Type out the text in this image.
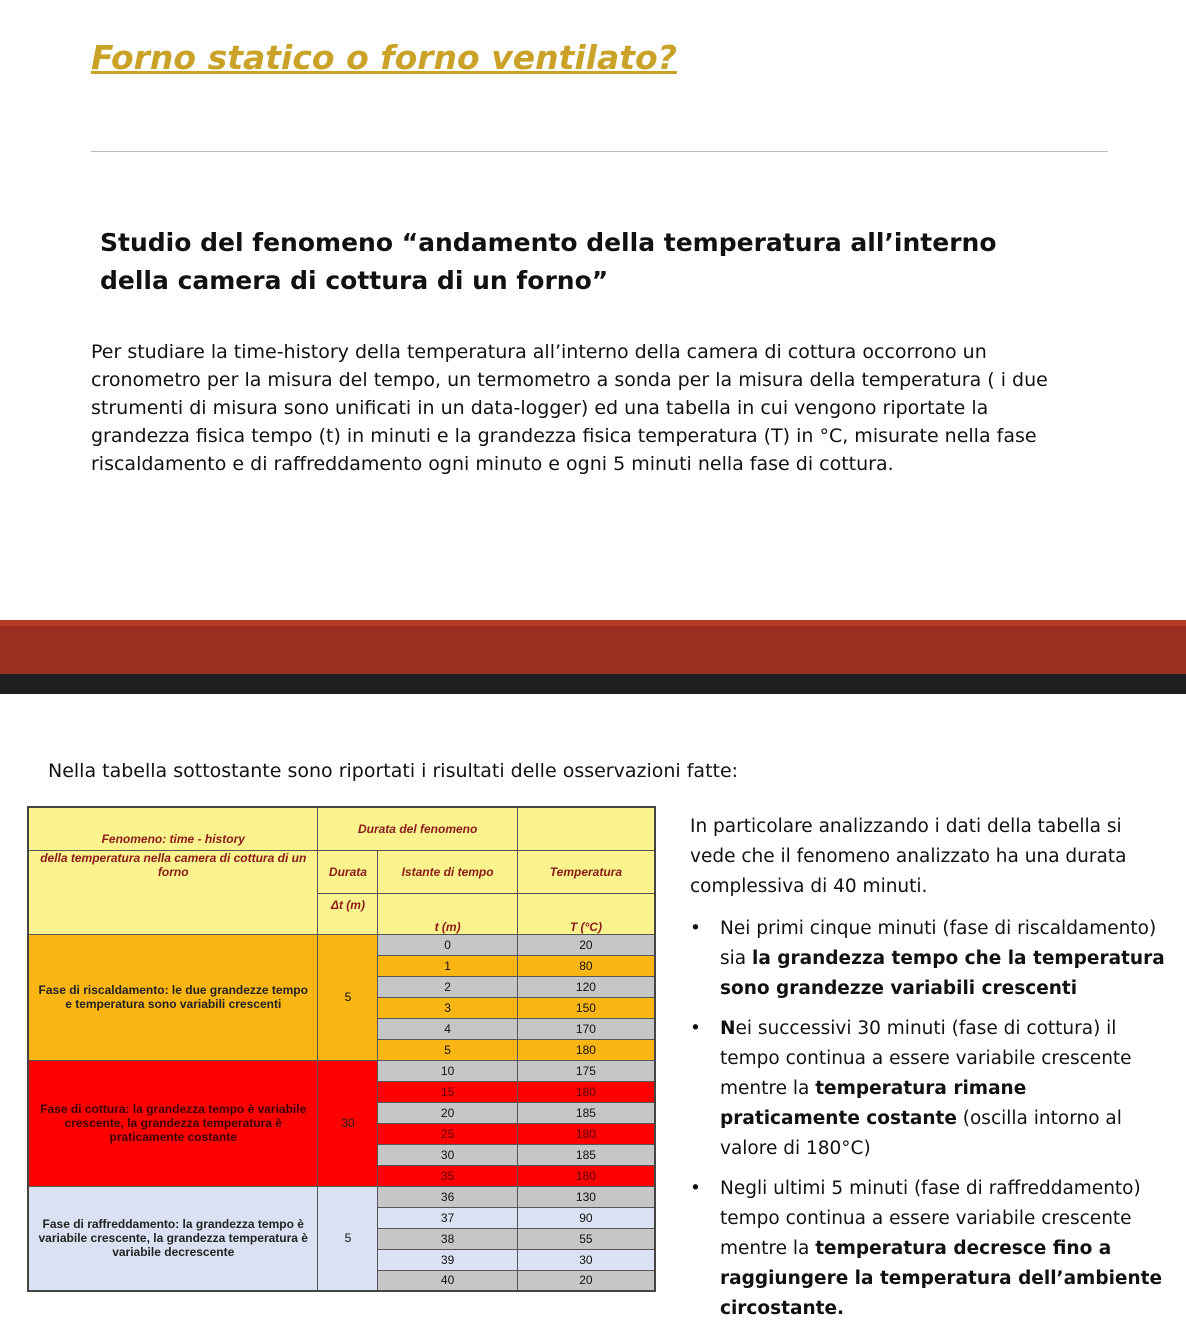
Forno statico o forno ventilato?
Studio del fenomeno “andamento della temperatura all’interno della camera di cottura di un forno”
Per studiare la time-history della temperatura all’interno della camera di cottura occorrono un cronometro per la misura del tempo, un termometro a sonda per la misura della temperatura ( i due strumenti di misura sono unificati in un data-logger) ed una tabella in cui vengono riportate la grandezza fisica tempo (t) in minuti e la grandezza fisica temperatura (T) in °C, misurate nella fase riscaldamento e di raffreddamento ogni minuto e ogni 5 minuti nella fase di cottura.
Nella tabella sottostante sono riportati i risultati delle osservazioni fatte:
Fenomeno: time - history	Durata del fenomeno		

della temperatura nella camera di cottura di un forno	Durata	Istante di tempo	Temperatura
	Δt (m)	t (m)	T (°C)
Fase di riscaldamento: le due grandezze tempo e temperatura sono variabili crescenti	5	0	20
		1	80
		2	120
		3	150
		4	170
		5	180
Fase di cottura: la grandezza tempo è variabile crescente, la grandezza temperatura è praticamente costante	30	10	175
		15	180
		20	185
		25	180
		30	185
		35	180
Fase di raffreddamento: la grandezza tempo è variabile crescente, la grandezza temperatura è variabile decrescente	5	36	130
		37	90
		38	55
		39	30
		40	20

In particolare analizzando i dati della tabella si vede che il fenomeno analizzato ha una durata complessiva di 40 minuti.

• Nei primi cinque minuti (fase di riscaldamento) sia la grandezza tempo che la temperatura sono grandezze variabili crescenti
• Nei successivi 30 minuti (fase di cottura) il tempo continua a essere variabile crescente mentre la temperatura rimane praticamente costante (oscilla intorno al valore di 180°C)
• Negli ultimi 5 minuti (fase di raffreddamento) tempo continua a essere variabile crescente mentre la temperatura decresce fino a raggiungere la temperatura dell’ambiente circostante.
